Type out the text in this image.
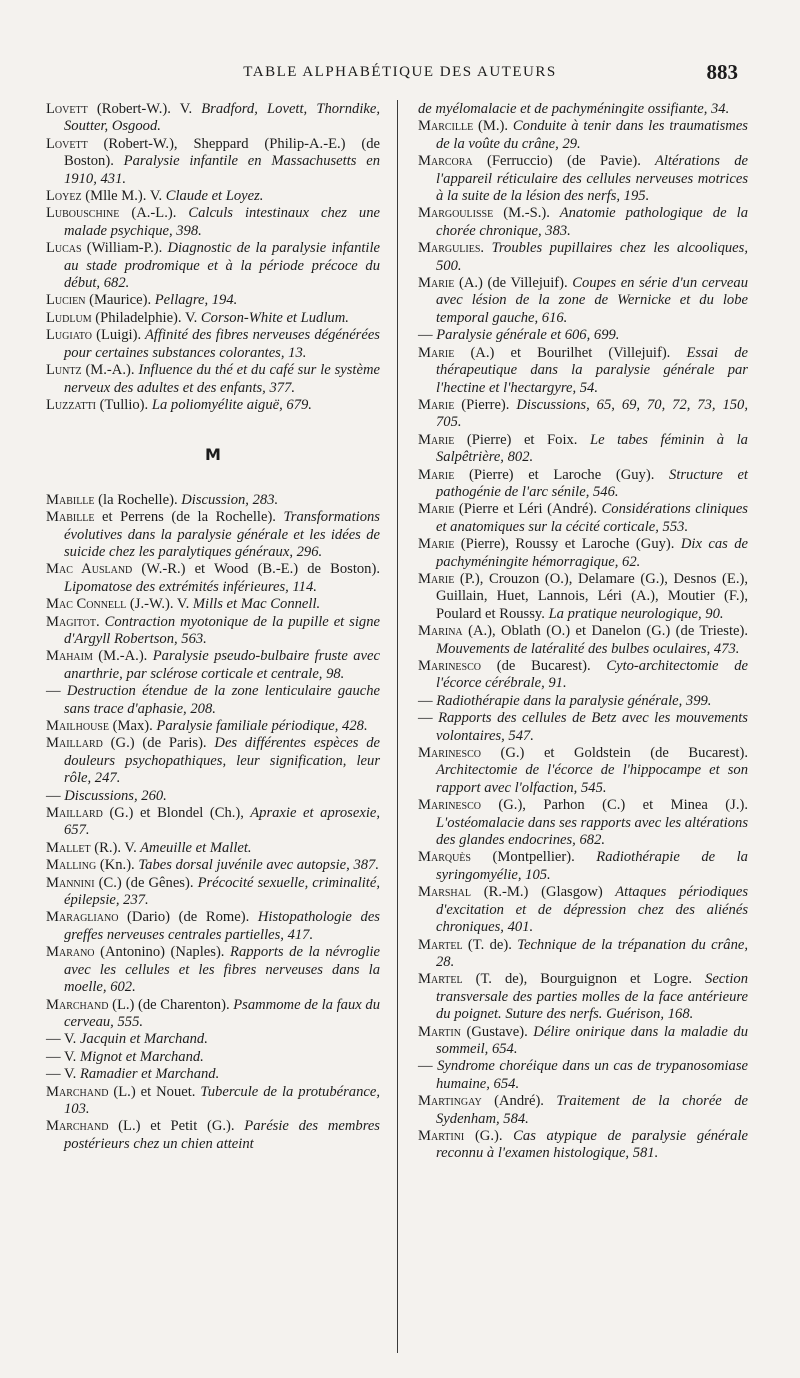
TABLE ALPHABÉTIQUE DES AUTEURS	883

Lovett (Robert-W.). V. Bradford, Lovett, Thorndike, Soutter, Osgood.

Lovett (Robert-W.), Sheppard (Philip-A.-E.) (de Boston). Paralysie infantile en Massachusetts en 1910, 431.

Loyez (Mlle M.). V. Claude et Loyez.

Lubouschine (A.-L.). Calculs intestinaux chez une malade psychique, 398.

Lucas (William-P.). Diagnostic de la paralysie infantile au stade prodromique et à la période précoce du début, 682.

Lucien (Maurice). Pellagre, 194.

Ludlum (Philadelphie). V. Corson-White et Ludlum.

Lugiato (Luigi). Affinité des fibres nerveuses dégénérées pour certaines substances colorantes, 13.

Luntz (M.-A.). Influence du thé et du café sur le système nerveux des adultes et des enfants, 377.

Luzzatti (Tullio). La poliomyélite aiguë, 679.

M

Mabille (la Rochelle). Discussion, 283.

Mabille et Perrens (de la Rochelle). Transformations évolutives dans la paralysie générale et les idées de suicide chez les paralytiques généraux, 296.

Mac Ausland (W.-R.) et Wood (B.-E.) de Boston). Lipomatose des extrémités inférieures, 114.

Mac Connell (J.-W.). V. Mills et Mac Connell.

Magitot. Contraction myotonique de la pupille et signe d'Argyll Robertson, 563.

Mahaim (M.-A.). Paralysie pseudo-bulbaire fruste avec anarthrie, par sclérose corticale et centrale, 98.

— Destruction étendue de la zone lenticulaire gauche sans trace d'aphasie, 208.

Mailhouse (Max). Paralysie familiale périodique, 428.

Maillard (G.) (de Paris). Des différentes espèces de douleurs psychopathiques, leur signification, leur rôle, 247.

— Discussions, 260.

Maillard (G.) et Blondel (Ch.), Apraxie et aprosexie, 657.

Mallet (R.). V. Ameuille et Mallet.

Malling (Kn.). Tabes dorsal juvénile avec autopsie, 387.

Mannini (C.) (de Gênes). Précocité sexuelle, criminalité, épilepsie, 237.

Maragliano (Dario) (de Rome). Histopathologie des greffes nerveuses centrales partielles, 417.

Marano (Antonino) (Naples). Rapports de la névroglie avec les cellules et les fibres nerveuses dans la moelle, 602.

Marchand (L.) (de Charenton). Psammome de la faux du cerveau, 555.

— V. Jacquin et Marchand.

— V. Mignot et Marchand.

— V. Ramadier et Marchand.

Marchand (L.) et Nouet. Tubercule de la protubérance, 103.

Marchand (L.) et Petit (G.). Parésie des membres postérieurs chez un chien atteint

de myélomalacie et de pachyméningite ossifiante, 34.

Marcille (M.). Conduite à tenir dans les traumatismes de la voûte du crâne, 29.

Marcora (Ferruccio) (de Pavie). Altérations de l'appareil réticulaire des cellules nerveuses motrices à la suite de la lésion des nerfs, 195.

Margoulisse (M.-S.). Anatomie pathologique de la chorée chronique, 383.

Margulies. Troubles pupillaires chez les alcooliques, 500.

Marie (A.) (de Villejuif). Coupes en série d'un cerveau avec lésion de la zone de Wernicke et du lobe temporal gauche, 616.

— Paralysie générale et 606, 699.

Marie (A.) et Bourilhet (Villejuif). Essai de thérapeutique dans la paralysie générale par l'hectine et l'hectargyre, 54.

Marie (Pierre). Discussions, 65, 69, 70, 72, 73, 150, 705.

Marie (Pierre) et Foix. Le tabes féminin à la Salpêtrière, 802.

Marie (Pierre) et Laroche (Guy). Structure et pathogénie de l'arc sénile, 546.

Marie (Pierre et Léri (André). Considérations cliniques et anatomiques sur la cécité corticale, 553.

Marie (Pierre), Roussy et Laroche (Guy). Dix cas de pachyméningite hémorragique, 62.

Marie (P.), Crouzon (O.), Delamare (G.), Desnos (E.), Guillain, Huet, Lannois, Léri (A.), Moutier (F.), Poulard et Roussy. La pratique neurologique, 90.

Marina (A.), Oblath (O.) et Danelon (G.) (de Trieste). Mouvements de latéralité des bulbes oculaires, 473.

Marinesco (de Bucarest). Cyto-architectomie de l'écorce cérébrale, 91.

— Radiothérapie dans la paralysie générale, 399.

— Rapports des cellules de Betz avec les mouvements volontaires, 547.

Marinesco (G.) et Goldstein (de Bucarest). Architectomie de l'écorce de l'hippocampe et son rapport avec l'olfaction, 545.

Marinesco (G.), Parhon (C.) et Minea (J.). L'ostéomalacie dans ses rapports avec les altérations des glandes endocrines, 682.

Marquès (Montpellier). Radiothérapie de la syringomyélie, 105.

Marshal (R.-M.) (Glasgow) Attaques périodiques d'excitation et de dépression chez des aliénés chroniques, 401.

Martel (T. de). Technique de la trépanation du crâne, 28.

Martel (T. de), Bourguignon et Logre. Section transversale des parties molles de la face antérieure du poignet. Suture des nerfs. Guérison, 168.

Martin (Gustave). Délire onirique dans la maladie du sommeil, 654.

— Syndrome choréique dans un cas de trypanosomiase humaine, 654.

Martingay (André). Traitement de la chorée de Sydenham, 584.

Martini (G.). Cas atypique de paralysie générale reconnu à l'examen histologique, 581.
